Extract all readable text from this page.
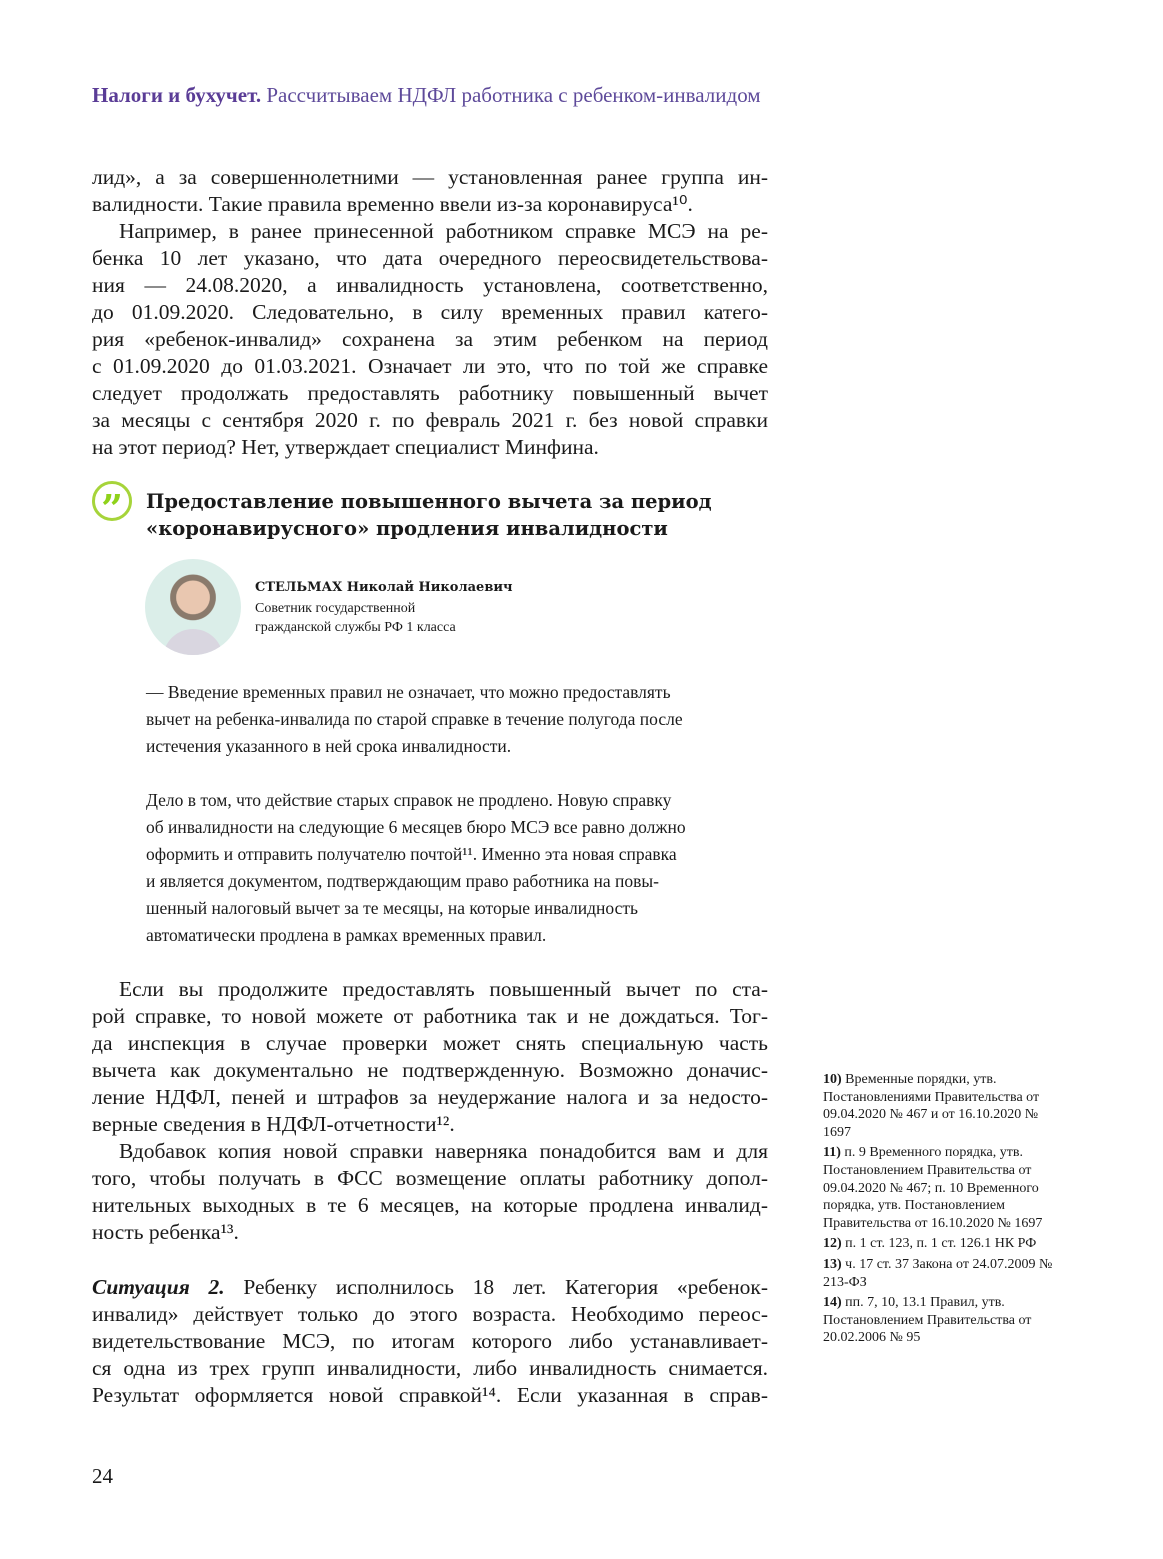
Налоги и бухучет. Рассчитываем НДФЛ работника с ребенком-инвалидом
лид», а за совершеннолетними — установленная ранее группа ин-
валидности. Такие правила временно ввели из-за коронавируса¹⁰.
Например, в ранее принесенной работником справке МСЭ на ре-
бенка 10 лет указано, что дата очередного переосвидетельствова-
ния — 24.08.2020, а инвалидность установлена, соответственно,
до 01.09.2020. Следовательно, в силу временных правил катего-
рия «ребенок-инвалид» сохранена за этим ребенком на период
с 01.09.2020 до 01.03.2021. Означает ли это, что по той же справке
следует продолжать предоставлять работнику повышенный вычет
за месяцы с сентября 2020 г. по февраль 2021 г. без новой справки
на этот период? Нет, утверждает специалист Минфина.
”	Предоставление повышенного вычета за период
«коронавирусного» продления инвалидности
СТЕЛЬМАХ Николай Николаевич
Советник государственной
гражданской службы РФ 1 класса
— Введение временных правил не означает, что можно предоставлять
вычет на ребенка-инвалида по старой справке в течение полугода после
истечения указанного в ней срока инвалидности.
Дело в том, что действие старых справок не продлено. Новую справку
об инвалидности на следующие 6 месяцев бюро МСЭ все равно должно
оформить и отправить получателю почтой¹¹. Именно эта новая справка
и является документом, подтверждающим право работника на повы-
шенный налоговый вычет за те месяцы, на которые инвалидность
автоматически продлена в рамках временных правил.
Если вы продолжите предоставлять повышенный вычет по ста-
рой справке, то новой можете от работника так и не дождаться. Тог-
да инспекция в случае проверки может снять специальную часть
вычета как документально не подтвержденную. Возможно доначис-
ление НДФЛ, пеней и штрафов за неудержание налога и за недосто-
верные сведения в НДФЛ-отчетности¹².
Вдобавок копия новой справки наверняка понадобится вам и для
того, чтобы получать в ФСС возмещение оплаты работнику допол-
нительных выходных в те 6 месяцев, на которые продлена инвалид-
ность ребенка¹³.
Ситуация 2. Ребенку исполнилось 18 лет. Категория «ребенок-
инвалид» действует только до этого возраста. Необходимо переос-
видетельствование МСЭ, по итогам которого либо устанавливает-
ся одна из трех групп инвалидности, либо инвалидность снимается.
Результат оформляется новой справкой¹⁴. Если указанная в справ-
10) Временные порядки, утв. Постановлениями Правительства от 09.04.2020 № 467 и от 16.10.2020 № 1697
11) п. 9 Временного порядка, утв. Постановлением Правительства от 09.04.2020 № 467; п. 10 Временного порядка, утв. Постановлением Правительства от 16.10.2020 № 1697
12) п. 1 ст. 123, п. 1 ст. 126.1 НК РФ
13) ч. 17 ст. 37 Закона от 24.07.2009 № 213-ФЗ
14) пп. 7, 10, 13.1 Правил, утв. Постановлением Правительства от 20.02.2006 № 95
24
